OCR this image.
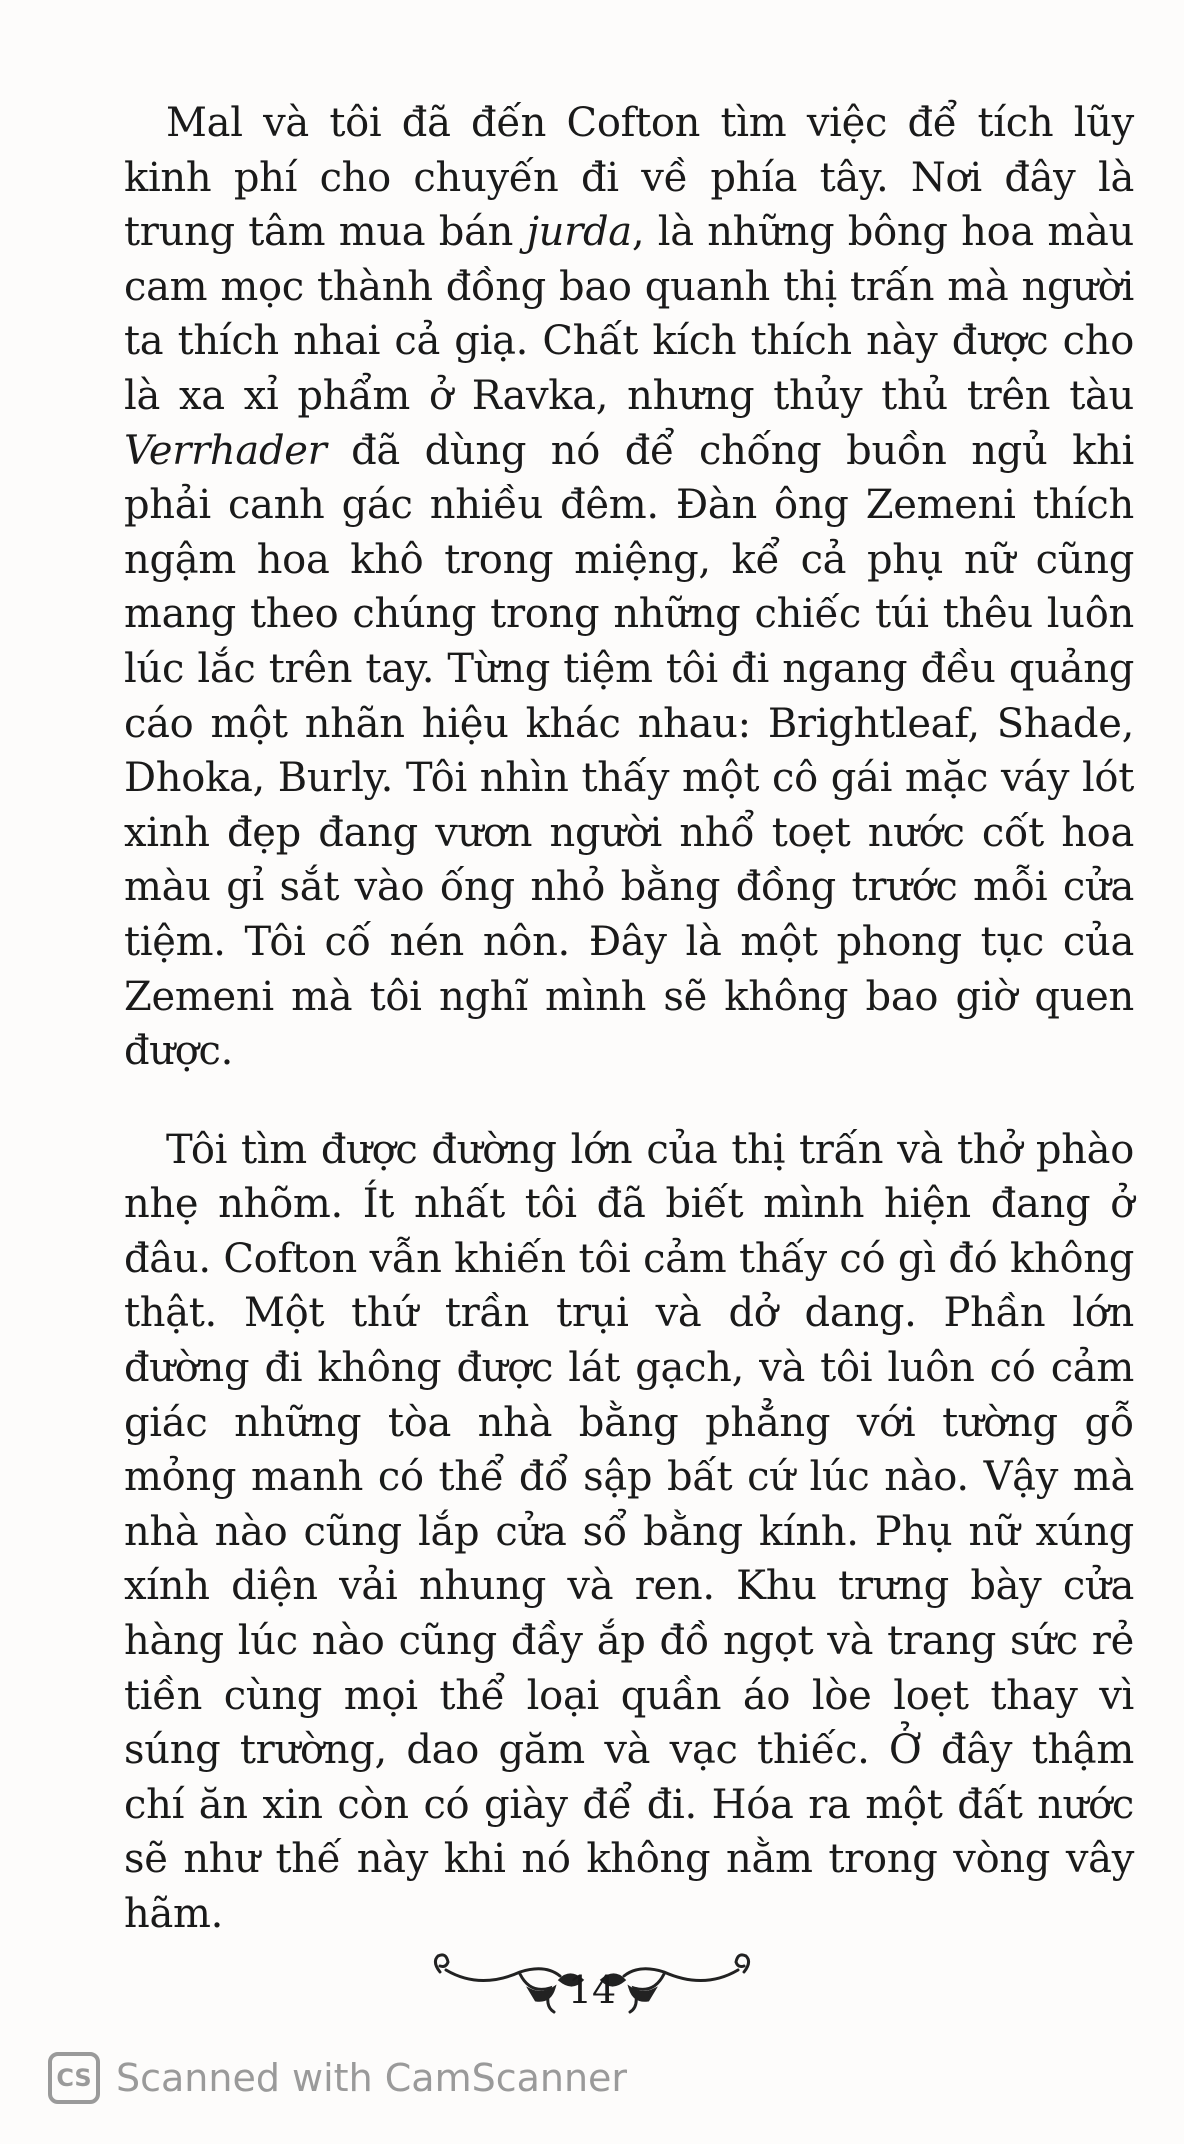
Mal và tôi đã đến Cofton tìm việc để tích lũy kinh phí cho chuyến đi về phía tây. Nơi đây là trung tâm mua bán jurda, là những bông hoa màu cam mọc thành đồng bao quanh thị trấn mà người ta thích nhai cả giạ. Chất kích thích này được cho là xa xỉ phẩm ở Ravka, nhưng thủy thủ trên tàu Verrhader đã dùng nó để chống buồn ngủ khi phải canh gác nhiều đêm. Đàn ông Zemeni thích ngậm hoa khô trong miệng, kể cả phụ nữ cũng mang theo chúng trong những chiếc túi thêu luôn lúc lắc trên tay. Từng tiệm tôi đi ngang đều quảng cáo một nhãn hiệu khác nhau: Brightleaf, Shade, Dhoka, Burly. Tôi nhìn thấy một cô gái mặc váy lót xinh đẹp đang vươn người nhổ toẹt nước cốt hoa màu gỉ sắt vào ống nhỏ bằng đồng trước mỗi cửa tiệm. Tôi cố nén nôn. Đây là một phong tục của Zemeni mà tôi nghĩ mình sẽ không bao giờ quen được.

Tôi tìm được đường lớn của thị trấn và thở phào nhẹ nhõm. Ít nhất tôi đã biết mình hiện đang ở đâu. Cofton vẫn khiến tôi cảm thấy có gì đó không thật. Một thứ trần trụi và dở dang. Phần lớn đường đi không được lát gạch, và tôi luôn có cảm giác những tòa nhà bằng phẳng với tường gỗ mỏng manh có thể đổ sập bất cứ lúc nào. Vậy mà nhà nào cũng lắp cửa sổ bằng kính. Phụ nữ xúng xính diện vải nhung và ren. Khu trưng bày cửa hàng lúc nào cũng đầy ắp đồ ngọt và trang sức rẻ tiền cùng mọi thể loại quần áo lòe loẹt thay vì súng trường, dao găm và vạc thiếc. Ở đây thậm chí ăn xin còn có giày để đi. Hóa ra một đất nước sẽ như thế này khi nó không nằm trong vòng vây hãm.

14
CS Scanned with CamScanner
